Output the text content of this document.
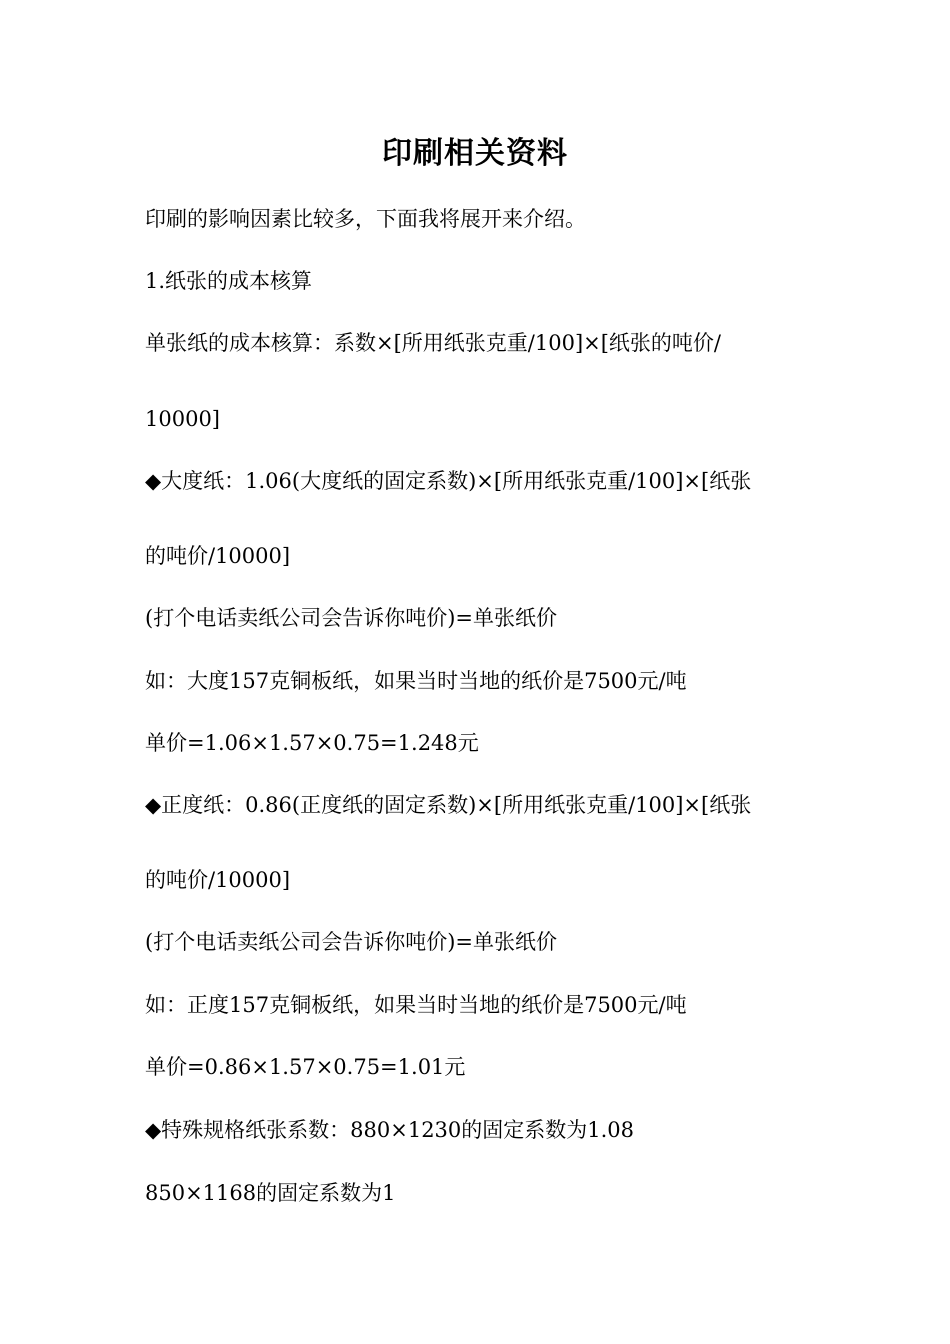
印刷相关资料

印刷的影响因素比较多，下面我将展开来介绍。

1.纸张的成本核算

单张纸的成本核算：系数×[所用纸张克重/100]×[纸张的吨价/

10000]

◆大度纸：1.06(大度纸的固定系数)×[所用纸张克重/100]×[纸张

的吨价/10000]

(打个电话卖纸公司会告诉你吨价)=单张纸价

如：大度157克铜板纸，如果当时当地的纸价是7500元/吨

单价=1.06×1.57×0.75=1.248元

◆正度纸：0.86(正度纸的固定系数)×[所用纸张克重/100]×[纸张

的吨价/10000]

(打个电话卖纸公司会告诉你吨价)=单张纸价

如：正度157克铜板纸，如果当时当地的纸价是7500元/吨

单价=0.86×1.57×0.75=1.01元

◆特殊规格纸张系数：880×1230的固定系数为1.08

850×1168的固定系数为1
